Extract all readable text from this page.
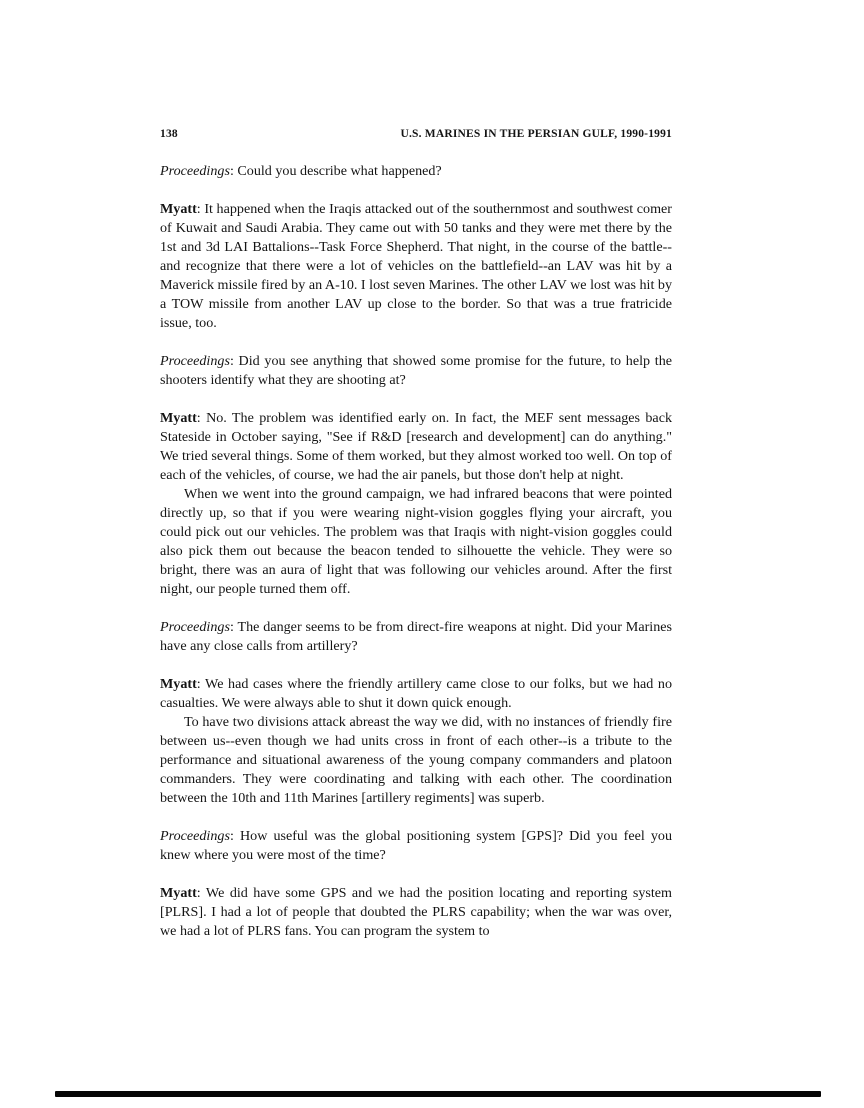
138	U.S. MARINES IN THE PERSIAN GULF, 1990-1991

Proceedings: Could you describe what happened?

Myatt: It happened when the Iraqis attacked out of the southernmost and southwest comer of Kuwait and Saudi Arabia. They came out with 50 tanks and they were met there by the 1st and 3d LAI Battalions--Task Force Shepherd. That night, in the course of the battle--and recognize that there were a lot of vehicles on the battlefield--an LAV was hit by a Maverick missile fired by an A-10. I lost seven Marines. The other LAV we lost was hit by a TOW missile from another LAV up close to the border. So that was a true fratricide issue, too.

Proceedings: Did you see anything that showed some promise for the future, to help the shooters identify what they are shooting at?

Myatt: No. The problem was identified early on. In fact, the MEF sent messages back Stateside in October saying, "See if R&D [research and development] can do anything." We tried several things. Some of them worked, but they almost worked too well. On top of each of the vehicles, of course, we had the air panels, but those don't help at night.

When we went into the ground campaign, we had infrared beacons that were pointed directly up, so that if you were wearing night-vision goggles flying your aircraft, you could pick out our vehicles. The problem was that Iraqis with night-vision goggles could also pick them out because the beacon tended to silhouette the vehicle. They were so bright, there was an aura of light that was following our vehicles around. After the first night, our people turned them off.

Proceedings: The danger seems to be from direct-fire weapons at night. Did your Marines have any close calls from artillery?

Myatt: We had cases where the friendly artillery came close to our folks, but we had no casualties. We were always able to shut it down quick enough.

To have two divisions attack abreast the way we did, with no instances of friendly fire between us--even though we had units cross in front of each other--is a tribute to the performance and situational awareness of the young company commanders and platoon commanders. They were coordinating and talking with each other. The coordination between the 10th and 11th Marines [artillery regiments] was superb.

Proceedings: How useful was the global positioning system [GPS]? Did you feel you knew where you were most of the time?

Myatt: We did have some GPS and we had the position locating and reporting system [PLRS]. I had a lot of people that doubted the PLRS capability; when the war was over, we had a lot of PLRS fans. You can program the system to
